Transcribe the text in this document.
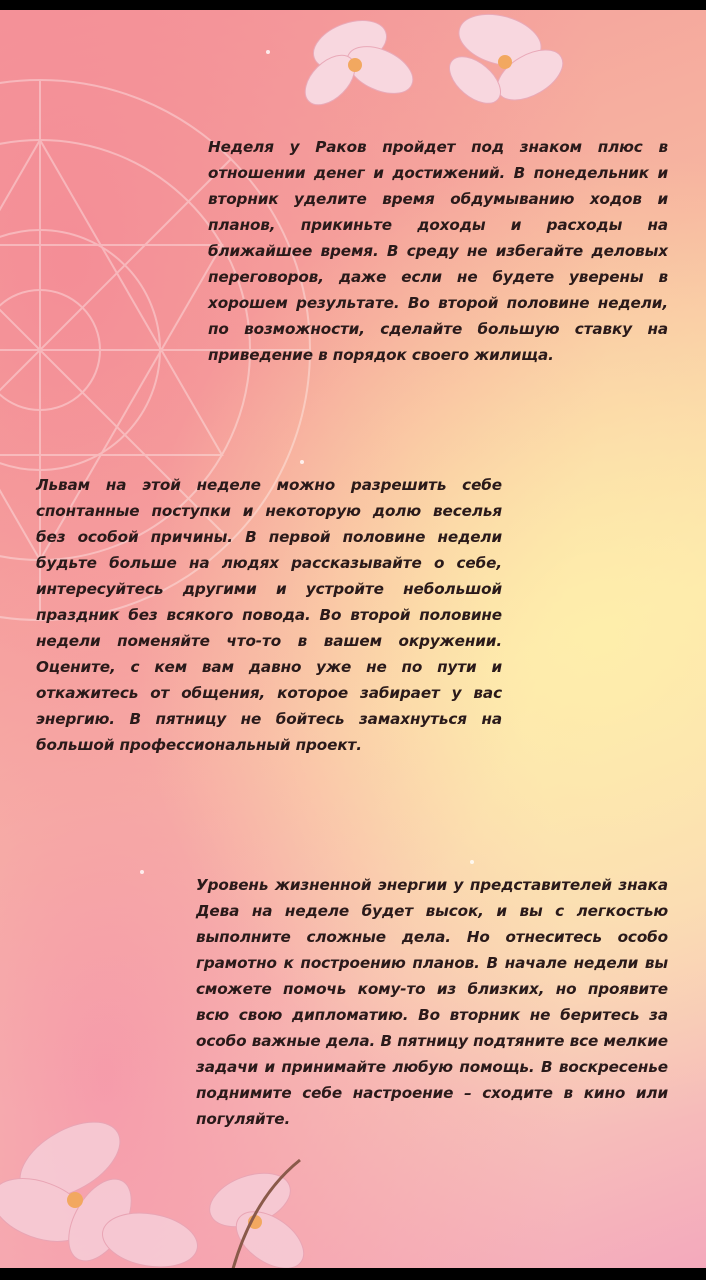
Неделя у Раков пройдет под знаком плюс в отношении денег и достижений. В понедельник и вторник уделите время обдумыванию ходов и планов, прикиньте доходы и расходы на ближайшее время. В среду не избегайте деловых переговоров, даже если не будете уверены в хорошем результате. Во второй половине недели, по возможности, сделайте большую ставку на приведение в порядок своего жилища.

Львам на этой неделе можно разрешить себе спонтанные поступки и некоторую долю веселья без особой причины. В первой половине недели будьте больше на людях рассказывайте о себе, интересуйтесь другими и устройте небольшой праздник без всякого повода. Во второй половине недели поменяйте что-то в вашем окружении. Оцените, с кем вам давно уже не по пути и откажитесь от общения, которое забирает у вас энергию. В пятницу не бойтесь замахнуться на большой профессиональный проект.

Уровень жизненной энергии у представителей знака Дева на неделе будет высок, и вы с легкостью выполните сложные дела. Но отнеситесь особо грамотно к построению планов. В начале недели вы сможете помочь кому-то из близких, но проявите всю свою дипломатию. Во вторник не беритесь за особо важные дела. В пятницу подтяните все мелкие задачи и принимайте любую помощь. В воскресенье поднимите себе настроение – сходите в кино или погуляйте.
